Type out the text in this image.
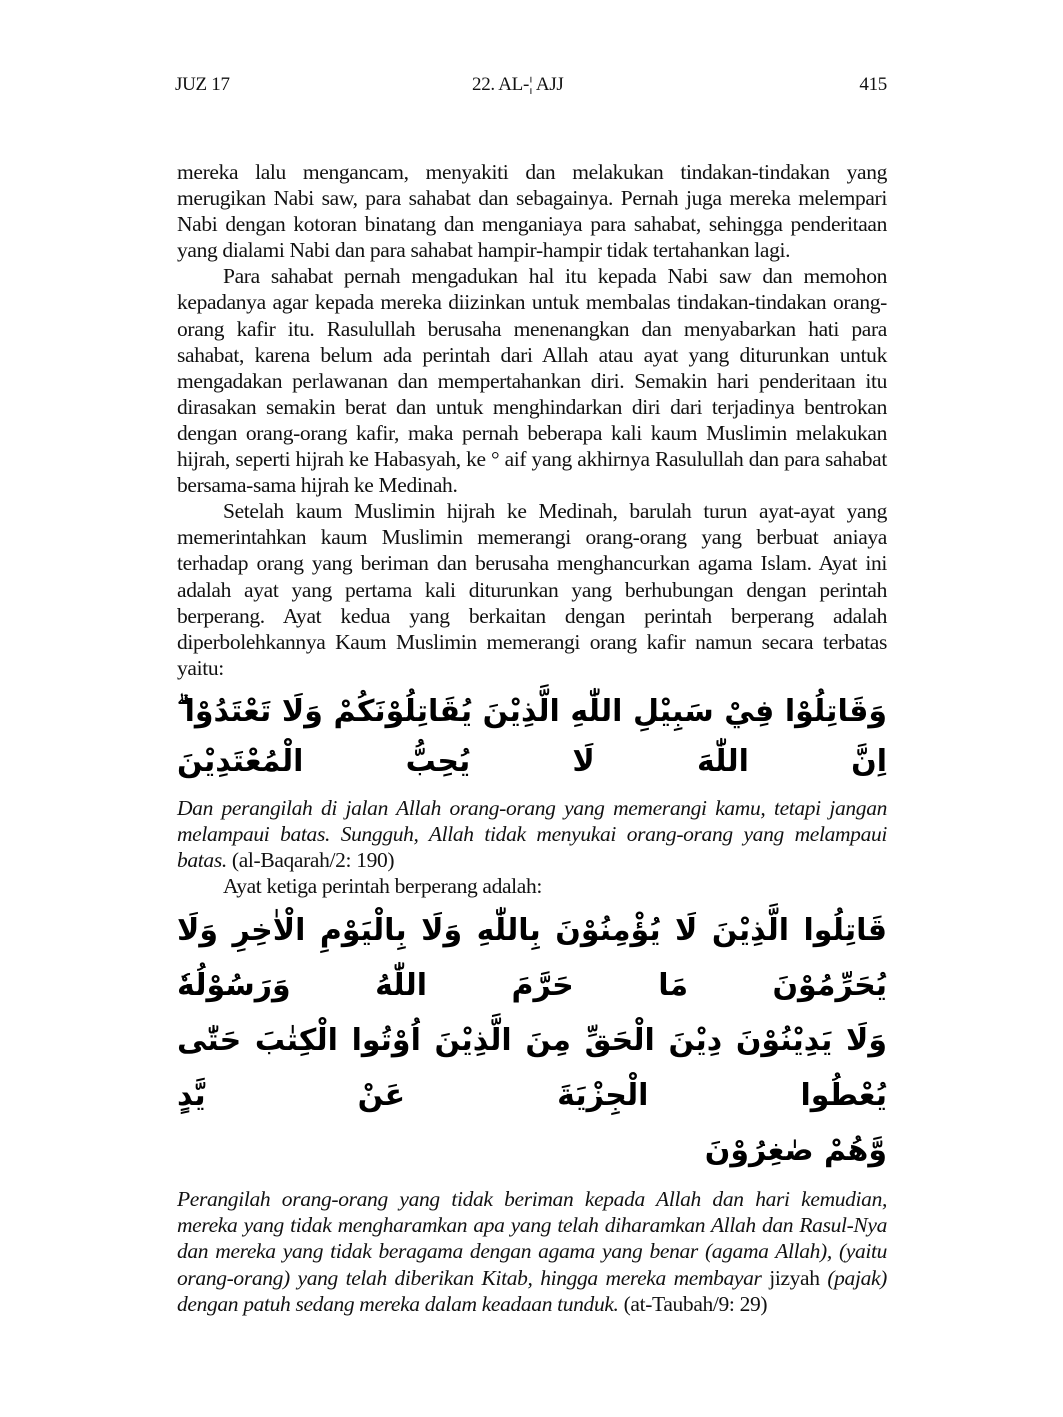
JUZ 17	22. AL-¦ AJJ	415

mereka lalu mengancam, menyakiti dan melakukan tindakan-tindakan yang merugikan Nabi saw, para sahabat dan sebagainya. Pernah juga mereka melempari Nabi dengan kotoran binatang dan menganiaya para sahabat, sehingga penderitaan yang dialami Nabi dan para sahabat hampir-hampir tidak tertahankan lagi.

Para sahabat pernah mengadukan hal itu kepada Nabi saw dan memohon kepadanya agar kepada mereka diizinkan untuk membalas tindakan-tindakan orang-orang kafir itu. Rasulullah berusaha menenangkan dan menyabarkan hati para sahabat, karena belum ada perintah dari Allah atau ayat yang diturunkan untuk mengadakan perlawanan dan mempertahankan diri. Semakin hari penderitaan itu dirasakan semakin berat dan untuk menghindarkan diri dari terjadinya bentrokan dengan orang-orang kafir, maka pernah beberapa kali kaum Muslimin melakukan hijrah, seperti hijrah ke Habasyah, ke ° aif yang akhirnya Rasulullah dan para sahabat bersama-sama hijrah ke Medinah.

Setelah kaum Muslimin hijrah ke Medinah, barulah turun ayat-ayat yang memerintahkan kaum Muslimin memerangi orang-orang yang berbuat aniaya terhadap orang yang beriman dan berusaha menghancurkan agama Islam. Ayat ini adalah ayat yang pertama kali diturunkan yang berhubungan dengan perintah berperang. Ayat kedua yang berkaitan dengan perintah berperang adalah diperbolehkannya Kaum Muslimin memerangi orang kafir namun secara terbatas yaitu:

وَقَاتِلُوْا فِيْ سَبِيْلِ اللّٰهِ الَّذِيْنَ يُقَاتِلُوْنَكُمْ وَلَا تَعْتَدُوْا ۗ اِنَّ اللّٰهَ لَا يُحِبُّ الْمُعْتَدِيْنَ

Dan perangilah di jalan Allah orang-orang yang memerangi kamu, tetapi jangan melampaui batas. Sungguh, Allah tidak menyukai orang-orang yang melampaui batas. (al-Baqarah/2: 190)

Ayat ketiga perintah berperang adalah:

قَاتِلُوا الَّذِيْنَ لَا يُؤْمِنُوْنَ بِاللّٰهِ وَلَا بِالْيَوْمِ الْاٰخِرِ وَلَا يُحَرِّمُوْنَ مَا حَرَّمَ اللّٰهُ وَرَسُوْلُهٗ
وَلَا يَدِيْنُوْنَ دِيْنَ الْحَقِّ مِنَ الَّذِيْنَ اُوْتُوا الْكِتٰبَ حَتّٰى يُعْطُوا الْجِزْيَةَ عَنْ يَّدٍ
وَّهُمْ صٰغِرُوْنَ

Perangilah orang-orang yang tidak beriman kepada Allah dan hari kemudian, mereka yang tidak mengharamkan apa yang telah diharamkan Allah dan Rasul-Nya dan mereka yang tidak beragama dengan agama yang benar (agama Allah), (yaitu orang-orang) yang telah diberikan Kitab, hingga mereka membayar jizyah (pajak) dengan patuh sedang mereka dalam keadaan tunduk. (at-Taubah/9: 29)
